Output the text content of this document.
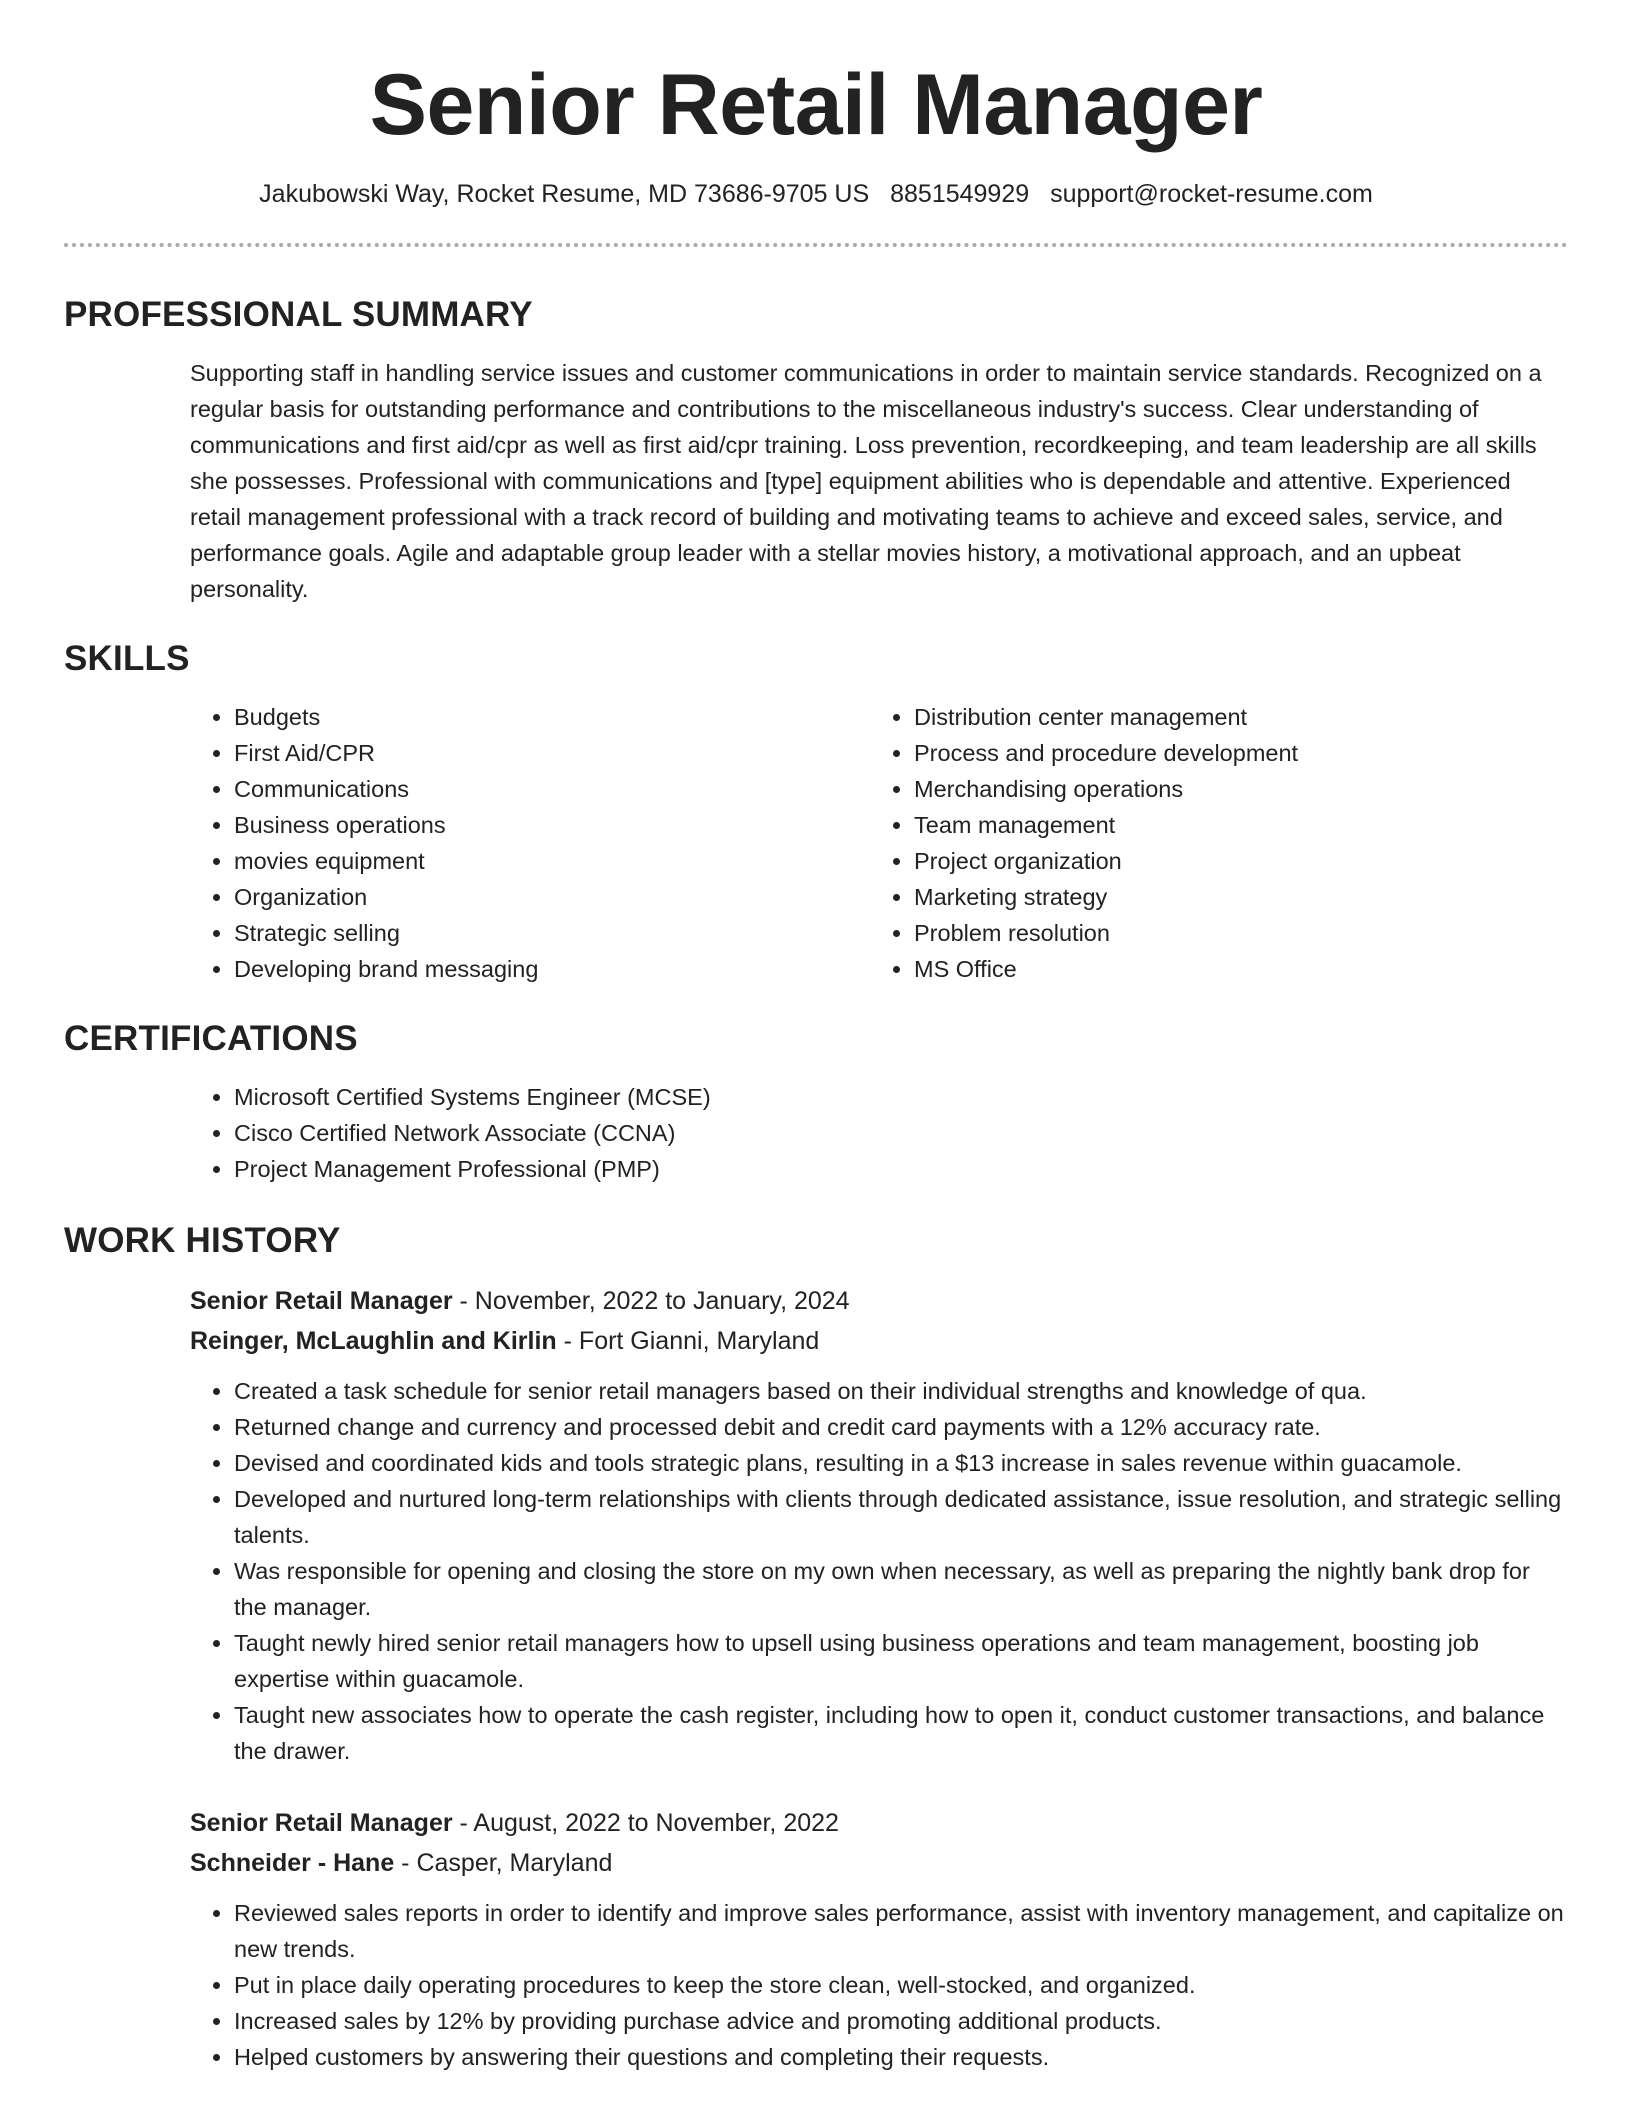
Senior Retail Manager
Jakubowski Way, Rocket Resume, MD 73686-9705 US 8851549929 support@rocket-resume.com
PROFESSIONAL SUMMARY
Supporting staff in handling service issues and customer communications in order to maintain service standards. Recognized on a regular basis for outstanding performance and contributions to the miscellaneous industry's success. Clear understanding of communications and first aid/cpr as well as first aid/cpr training. Loss prevention, recordkeeping, and team leadership are all skills she possesses. Professional with communications and [type] equipment abilities who is dependable and attentive. Experienced retail management professional with a track record of building and motivating teams to achieve and exceed sales, service, and performance goals. Agile and adaptable group leader with a stellar movies history, a motivational approach, and an upbeat personality.
SKILLS
• Budgets
• First Aid/CPR
• Communications
• Business operations
• movies equipment
• Organization
• Strategic selling
• Developing brand messaging
• Distribution center management
• Process and procedure development
• Merchandising operations
• Team management
• Project organization
• Marketing strategy
• Problem resolution
• MS Office
CERTIFICATIONS
• Microsoft Certified Systems Engineer (MCSE)
• Cisco Certified Network Associate (CCNA)
• Project Management Professional (PMP)
WORK HISTORY
Senior Retail Manager - November, 2022 to January, 2024
Reinger, McLaughlin and Kirlin - Fort Gianni, Maryland
• Created a task schedule for senior retail managers based on their individual strengths and knowledge of qua.
• Returned change and currency and processed debit and credit card payments with a 12% accuracy rate.
• Devised and coordinated kids and tools strategic plans, resulting in a $13 increase in sales revenue within guacamole.
• Developed and nurtured long-term relationships with clients through dedicated assistance, issue resolution, and strategic selling talents.
• Was responsible for opening and closing the store on my own when necessary, as well as preparing the nightly bank drop for the manager.
• Taught newly hired senior retail managers how to upsell using business operations and team management, boosting job expertise within guacamole.
• Taught new associates how to operate the cash register, including how to open it, conduct customer transactions, and balance the drawer.
Senior Retail Manager - August, 2022 to November, 2022
Schneider - Hane - Casper, Maryland
• Reviewed sales reports in order to identify and improve sales performance, assist with inventory management, and capitalize on new trends.
• Put in place daily operating procedures to keep the store clean, well-stocked, and organized.
• Increased sales by 12% by providing purchase advice and promoting additional products.
• Helped customers by answering their questions and completing their requests.
